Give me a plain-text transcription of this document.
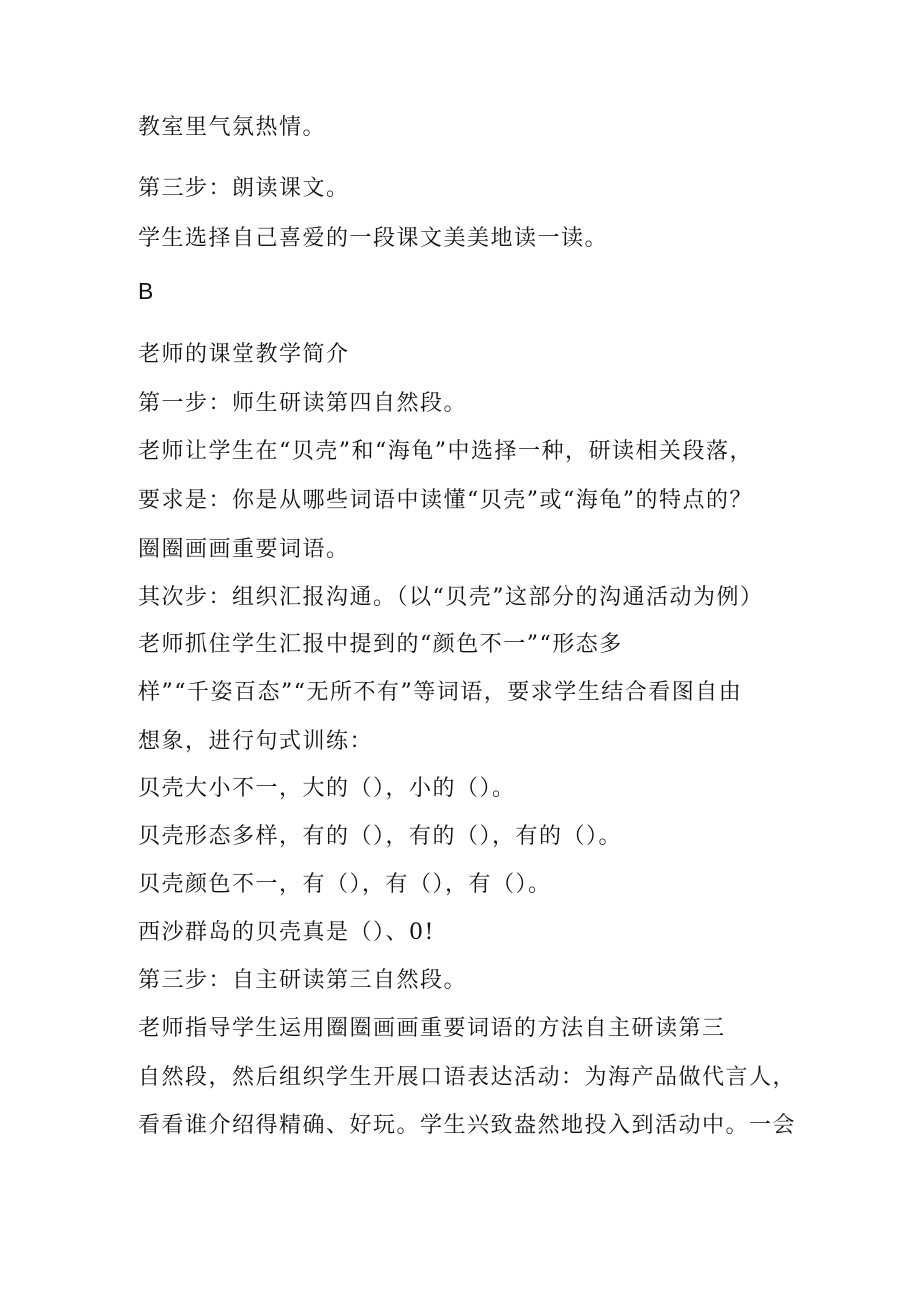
教室里气氛热情。
第三步：朗读课文。
学生选择自己喜爱的一段课文美美地读一读。
B
老师的课堂教学简介
第一步：师生研读第四自然段。
老师让学生在“贝壳”和“海龟”中选择一种，研读相关段落，
要求是：你是从哪些词语中读懂“贝壳”或“海龟”的特点的？
圈圈画画重要词语。
其次步：组织汇报沟通。（以“贝壳”这部分的沟通活动为例）
老师抓住学生汇报中提到的“颜色不一”“形态多
样”“千姿百态”“无所不有”等词语，要求学生结合看图自由
想象，进行句式训练：
贝壳大小不一，大的（），小的（）。
贝壳形态多样，有的（），有的（），有的（）。
贝壳颜色不一，有（），有（），有（）。
西沙群岛的贝壳真是（）、0!
第三步：自主研读第三自然段。
老师指导学生运用圈圈画画重要词语的方法自主研读第三
自然段，然后组织学生开展口语表达活动：为海产品做代言人，
看看谁介绍得精确、好玩。学生兴致盎然地投入到活动中。一会
